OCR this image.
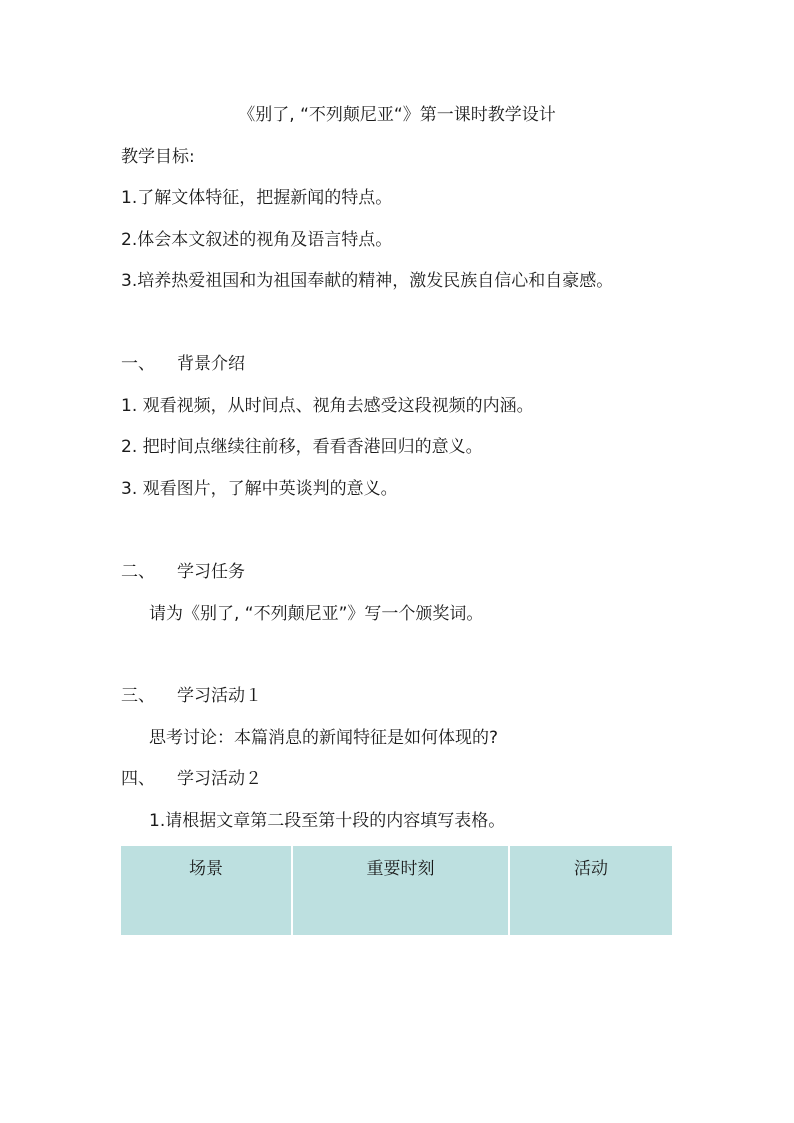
《别了, “不列颠尼亚“》第一课时教学设计
教学目标:
1.了解文体特征，把握新闻的特点。
2.体会本文叙述的视角及语言特点。
3.培养热爱祖国和为祖国奉献的精神，激发民族自信心和自豪感。
一、 背景介绍
1. 观看视频，从时间点、视角去感受这段视频的内涵。
2. 把时间点继续往前移，看看香港回归的意义。
3. 观看图片，了解中英谈判的意义。
二、 学习任务
请为《别了, “不列颠尼亚”》写一个颁奖词。
三、 学习活动１
思考讨论：本篇消息的新闻特征是如何体现的?
四、 学习活动２
1.请根据文章第二段至第十段的内容填写表格。
场景	重要时刻	活动
